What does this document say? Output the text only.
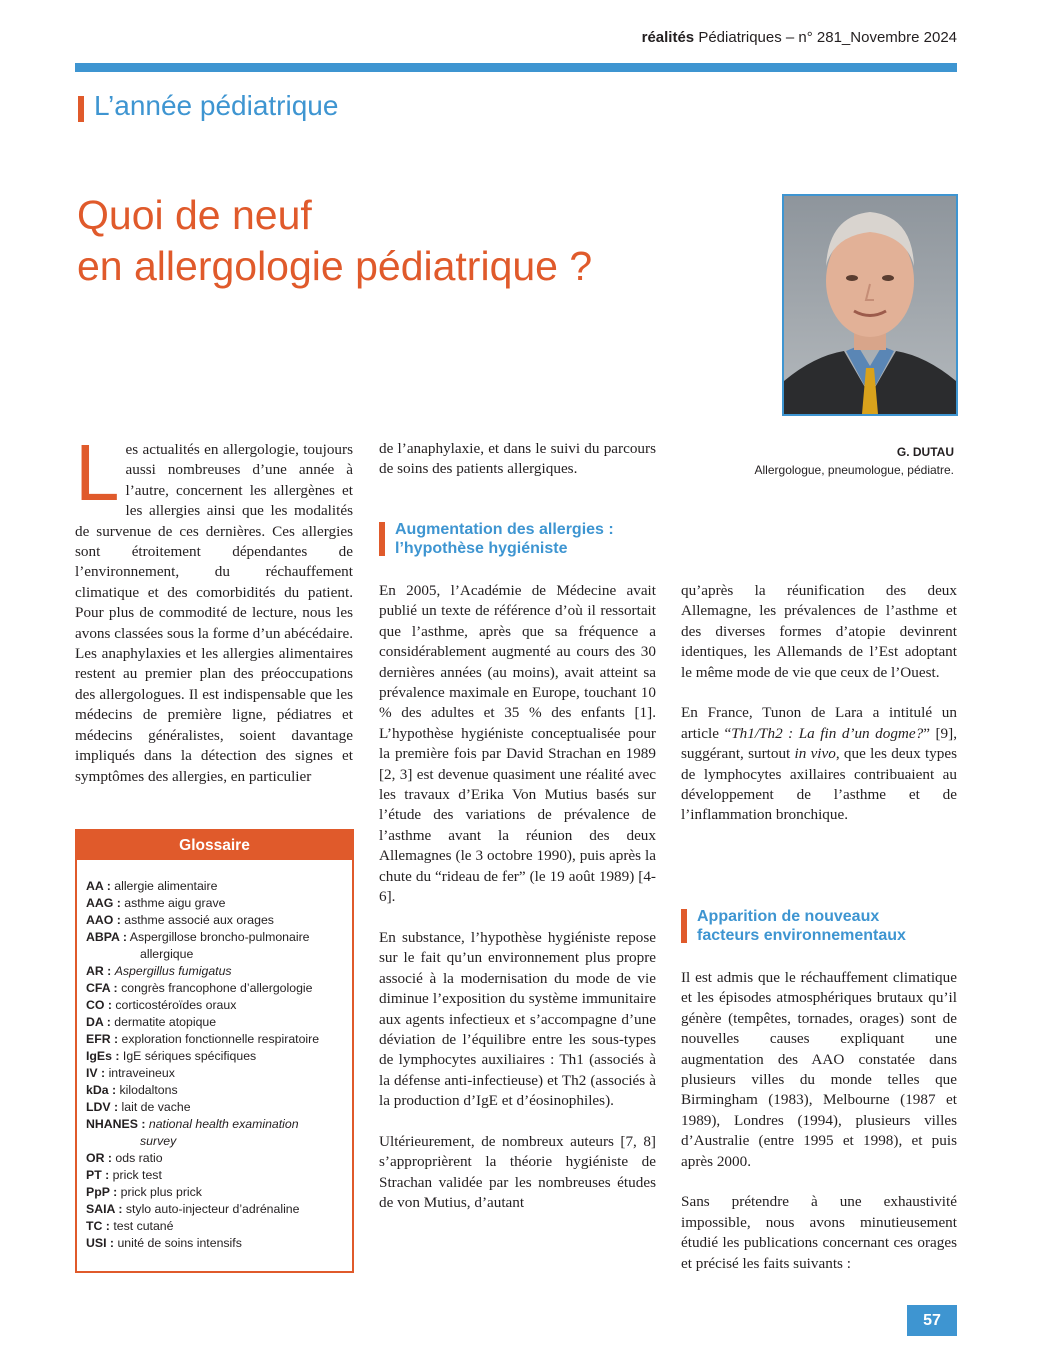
réalités Pédiatriques – n° 281_Novembre 2024
L’année pédiatrique
Quoi de neuf
en allergologie pédiatrique ?
G. DUTAU
Allergologue, pneumologue, pédiatre.
Les actualités en allergologie, toujours aussi nombreuses d’une année à l’autre, concernent les allergènes et les allergies ainsi que les modalités de survenue de ces dernières. Ces allergies sont étroitement dépendantes de l’environnement, du réchauffement climatique et des comorbidités du patient. Pour plus de commodité de lecture, nous les avons classées sous la forme d’un abécédaire. Les anaphylaxies et les allergies alimentaires restent au premier plan des préoccupations des allergologues. Il est indispensable que les médecins de première ligne, pédiatres et médecins généralistes, soient davantage impliqués dans la détection des signes et symptômes des allergies, en particulier
Glossaire
AA : allergie alimentaire
AAG : asthme aigu grave
AAO : asthme associé aux orages
ABPA : Aspergillose broncho-pulmonaire
allergique
AR : Aspergillus fumigatus
CFA : congrès francophone d’allergologie
CO : corticostéroïdes oraux
DA : dermatite atopique
EFR : exploration fonctionnelle respiratoire
IgEs : IgE sériques spécifiques
IV : intraveineux
kDa : kilodaltons
LDV : lait de vache
NHANES : national health examination
survey
OR : ods ratio
PT : prick test
PpP : prick plus prick
SAIA : stylo auto-injecteur d’adrénaline
TC : test cutané
USI : unité de soins intensifs
de l’anaphylaxie, et dans le suivi du parcours de soins des patients allergiques.
Augmentation des allergies :
l’hypothèse hygiéniste

En 2005, l’Académie de Médecine avait publié un texte de référence d’où il ressortait que l’asthme, après que sa fréquence a considérablement augmenté au cours des 30 dernières années (au moins), avait atteint sa prévalence maximale en Europe, touchant 10 % des adultes et 35 % des enfants [1]. L’hypothèse hygiéniste conceptualisée pour la première fois par David Strachan en 1989 [2, 3] est devenue quasiment une réalité avec les travaux d’Erika Von Mutius basés sur l’étude des variations de prévalence de l’asthme avant la réunion des deux Allemagnes (le 3 octobre 1990), puis après la chute du “rideau de fer” (le 19 août 1989) [4-6].

En substance, l’hypothèse hygiéniste repose sur le fait qu’un environnement plus propre associé à la modernisation du mode de vie diminue l’exposition du système immunitaire aux agents infectieux et s’accompagne d’une déviation de l’équilibre entre les sous-types de lymphocytes auxiliaires : Th1 (associés à la défense anti-infectieuse) et Th2 (associés à la production d’IgE et d’éosinophiles).

Ultérieurement, de nombreux auteurs [7, 8] s’approprièrent la théorie hygiéniste de Strachan validée par les nombreuses études de von Mutius, d’autant

qu’après la réunification des deux Allemagne, les prévalences de l’asthme et des diverses formes d’atopie devinrent identiques, les Allemands de l’Est adoptant le même mode de vie que ceux de l’Ouest.

En France, Tunon de Lara a intitulé un article “Th1/Th2 : La fin d’un dogme?” [9], suggérant, surtout in vivo, que les deux types de lymphocytes axillaires contribuaient au développement de l’asthme et de l’inflammation bronchique.

Apparition de nouveaux
facteurs environnementaux

Il est admis que le réchauffement climatique et les épisodes atmosphériques brutaux qu’il génère (tempêtes, tornades, orages) sont de nouvelles causes expliquant une augmentation des AAO constatée dans plusieurs villes du monde telles que Birmingham (1983), Melbourne (1987 et 1989), Londres (1994), plusieurs villes d’Australie (entre 1995 et 1998), et puis après 2000.

Sans prétendre à une exhaustivité impossible, nous avons minutieusement étudié les publications concernant ces orages et précisé les faits suivants :

57
